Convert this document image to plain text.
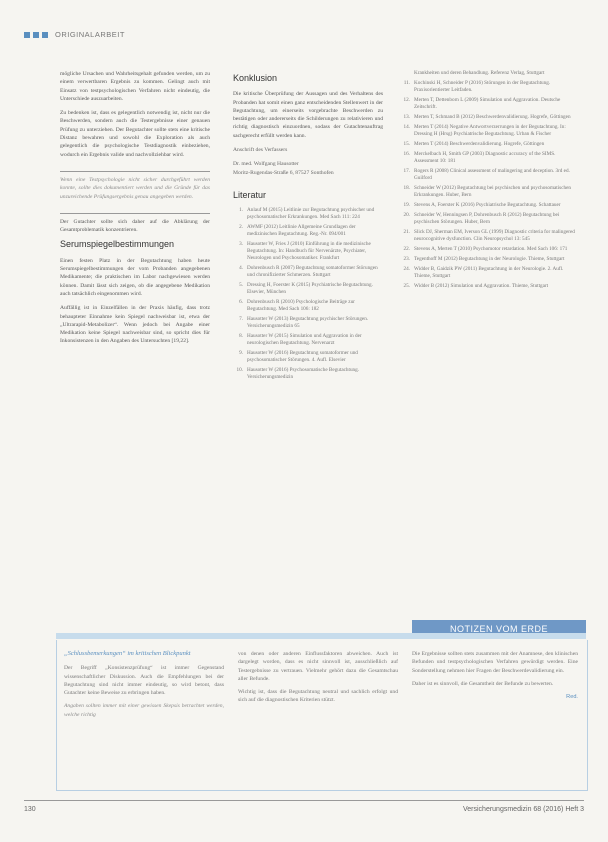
ORIGINALARBEIT

mögliche Ursachen und Wahrheitsgehalt gefunden werden, um zu einem verwertbaren Ergebnis zu kommen. Gelingt auch mit Einsatz von testpsychologischen Verfahren nicht eindeutig, die Unterschiede auszuarbeiten.

Zu bedenken ist, dass es gelegentlich notwendig ist, nicht nur die Beschwerden, sondern auch die Testergebnisse einer genauen Prüfung zu unterziehen. Der Begutachter sollte stets eine kritische Distanz bewahren und sowohl die Exploration als auch gelegentlich die psychologische Testdiagnostik einbeziehen, wodurch ein Ergebnis valide und nachvollziehbar wird.

Wenn eine Testpsychologie nicht sicher durchgeführt werden konnte, sollte dies dokumentiert werden und die Gründe für das unzureichende Prüfungsergebnis genau angegeben werden.

Der Gutachter sollte sich daher auf die Abklärung der Gesamtproblematik konzentrieren.

Serumspiegelbestimmungen

Einen festen Platz in der Begutachtung haben heute Serumspiegelbestimmungen der vom Probanden angegebenen Medikamente; die praktischen im Labor nachgewiesen werden können. Damit lässt sich zeigen, ob die angegebene Medikation auch tatsächlich eingenommen wird.

Auffällig ist in Einzelfällen in der Praxis häufig, dass trotz behaupteter Einnahme kein Spiegel nachweisbar ist, etwa der „Ultrarapid-Metabolizer“. Wenn jedoch bei Angabe einer Medikation keine Spiegel nachweisbar sind, so spricht dies für Inkonsistenzen in den Angaben des Untersuchten [19,22].

Konklusion

Die kritische Überprüfung der Aussagen und des Verhaltens des Probanden hat somit einen ganz entscheidenden Stellenwert in der Begutachtung, um einerseits vorgebrachte Beschwerden zu bestätigen oder andererseits die Schilderungen zu relativieren und richtig diagnostisch einzuordnen, sodass der Gutachtenauftrag sachgerecht erfüllt werden kann.

Anschrift des Verfassers

Dr. med. Wolfgang Hausotter
Moritz-Rugendas-Straße 6, 87527 Sonthofen
Literatur
1. Anlauf M (2015) Leitlinie zur Begutachtung psychischer und psychosomatischer Erkrankungen. Med Sach 111: 224
2. AWMF (2012) Leitlinie Allgemeine Grundlagen der medizinischen Begutachtung. Reg.-Nr. 094/001
3. Hausotter W, Fries J (2010) Einführung in die medizinische Begutachtung. In: Handbuch für Nervenärzte, Psychiater, Neurologen und Psychosomatiker. Frankfurt
4. Dohrenbusch R (2007) Begutachtung somatoformer Störungen und chronifizierter Schmerzen. Stuttgart
5. Dressing H, Foerster K (2015) Psychiatrische Begutachtung. Elsevier, München
6. Dohrenbusch R (2010) Psychologische Beiträge zur Begutachtung. Med Sach 106: 182
7. Hausotter W (2013) Begutachtung psychischer Störungen. Versicherungsmedizin 65
8. Hausotter W (2015) Simulation und Aggravation in der neurologischen Begutachtung. Nervenarzt
9. Hausotter W (2016) Begutachtung somatoformer und psychosomatischer Störungen. 4. Aufl. Elsevier
10. Hausotter W (2016) Psychosomatische Begutachtung. Versicherungsmedizin
Krankheiten und deren Behandlung. Referenz Verlag, Stuttgart
11. Kochinski H, Schneider P (2016) Störungen in der Begutachtung. Praxisorientierter Leitfaden.
12. Merten T, Dettenborn L (2009) Simulation und Aggravation. Deutsche Zeitschrift.
13. Merten T, Schmand B (2012) Beschwerdenvalidierung. Hogrefe, Göttingen
14. Merten T (2014) Negative Antwortverzerrungen in der Begutachtung. In: Dressing H (Hrsg) Psychiatrische Begutachtung. Urban & Fischer
15. Merten T (2014) Beschwerdenvalidierung. Hogrefe, Göttingen
16. Merckelbach H, Smith GP (2003) Diagnostic accuracy of the SIMS. Assessment 10: 181
17. Rogers R (2008) Clinical assessment of malingering and deception. 3rd ed. Guilford
18. Schneider W (2012) Begutachtung bei psychischen und psychosomatischen Erkrankungen. Huber, Bern
19. Stevens A, Foerster K (2016) Psychiatrische Begutachtung. Schattauer
20. Schneider W, Henningsen P, Dohrenbusch R (2012) Begutachtung bei psychischen Störungen. Huber, Bern
21. Slick DJ, Sherman EM, Iverson GL (1999) Diagnostic criteria for malingered neurocognitive dysfunction. Clin Neuropsychol 13: 545
22. Stevens A, Merten T (2010) Psychomotor retardation. Med Sach 106: 171
23. Tegenthoff M (2012) Begutachtung in der Neurologie. Thieme, Stuttgart
24. Widder B, Gaidzik PW (2011) Begutachtung in der Neurologie. 2. Aufl. Thieme, Stuttgart
25. Widder B (2012) Simulation und Aggravation. Thieme, Stuttgart
NOTIZEN VOM ERDE
„Schlussbemerkungen“ im kritischen Blickpunkt

Der Begriff „Konsistenzprüfung“ ist immer Gegenstand wissenschaftlicher Diskussion. Auch die Empfehlungen bei der Begutachtung sind nicht immer eindeutig, so wird betont, dass Gutachter keine Beweise zu erbringen haben.

Angaben sollten immer mit einer gewissen Skepsis betrachtet werden, welche richtig

von denen oder anderen Einflussfaktoren abweichen. Auch ist dargelegt worden, dass es nicht sinnvoll ist, ausschließlich auf Testergebnisse zu vertrauen. Vielmehr gehört dazu die Gesamtschau aller Befunde.

Wichtig ist, dass die Begutachtung neutral und sachlich erfolgt und sich auf die diagnostischen Kriterien stützt.

Die Ergebnisse sollten stets zusammen mit der Anamnese, den klinischen Befunden und testpsychologischen Verfahren gewürdigt werden. Eine Sonderstellung nehmen hier Fragen der Beschwerdevalidierung ein.

Daher ist es sinnvoll, die Gesamtheit der Befunde zu bewerten.

Red.
130	Versicherungsmedizin 68 (2016) Heft 3
